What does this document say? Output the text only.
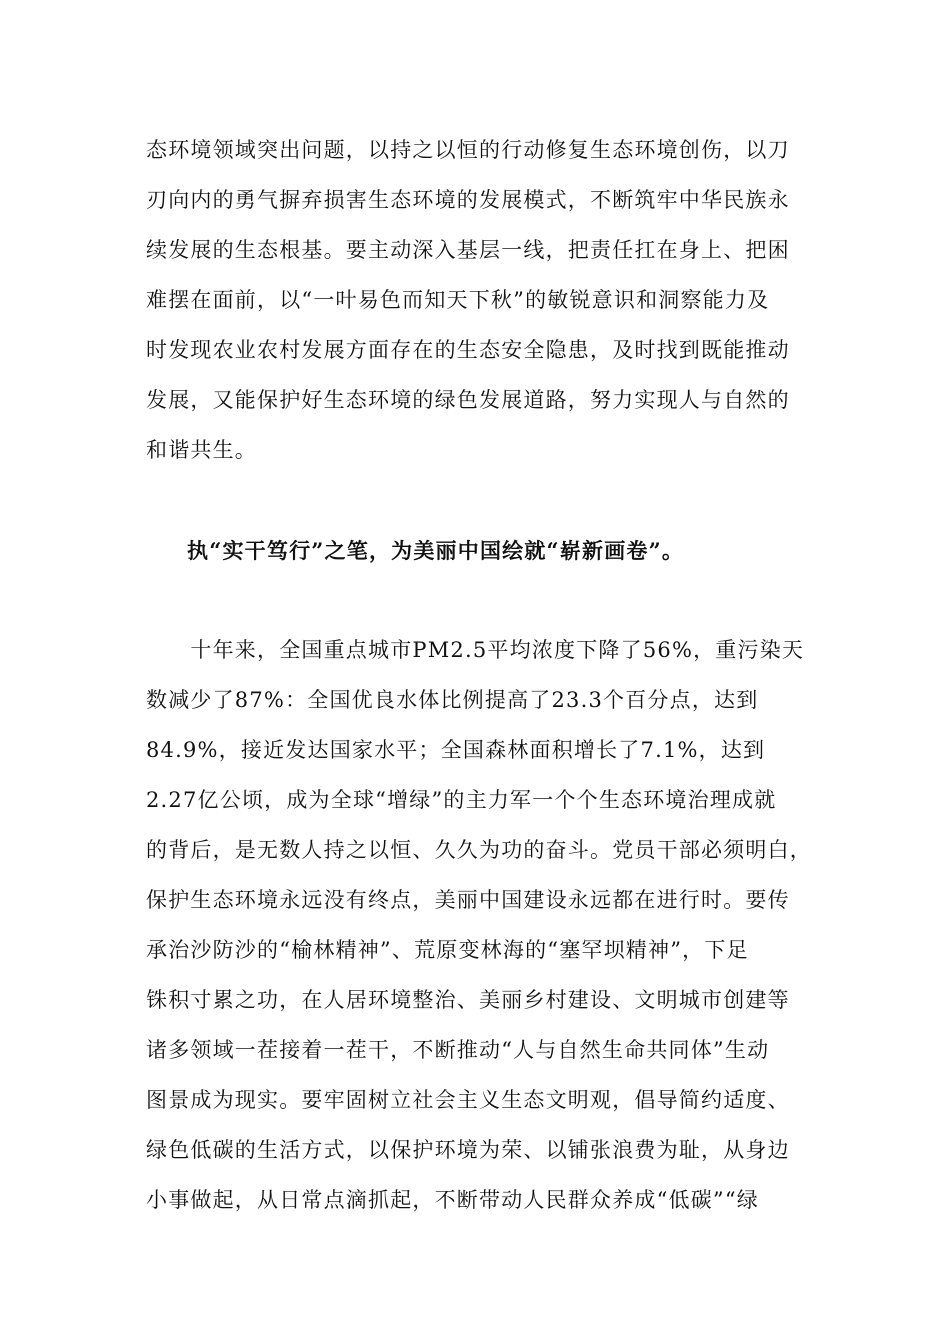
态环境领域突出问题，以持之以恒的行动修复生态环境创伤，以刀
刃向内的勇气摒弃损害生态环境的发展模式，不断筑牢中华民族永
续发展的生态根基。要主动深入基层一线，把责任扛在身上、把困
难摆在面前，以“一叶易色而知天下秋”的敏锐意识和洞察能力及
时发现农业农村发展方面存在的生态安全隐患，及时找到既能推动
发展，又能保护好生态环境的绿色发展道路，努力实现人与自然的
和谐共生。
执“实干笃行”之笔，为美丽中国绘就“崭新画卷”。
　　十年来，全国重点城市PM2.5平均浓度下降了56%，重污染天
数减少了87%：全国优良水体比例提高了23.3个百分点，达到
84.9%，接近发达国家水平；全国森林面积增长了7.1%，达到
2.27亿公顷，成为全球“增绿”的主力军一个个生态环境治理成就
的背后，是无数人持之以恒、久久为功的奋斗。党员干部必须明白，
保护生态环境永远没有终点，美丽中国建设永远都在进行时。要传
承治沙防沙的“榆林精神”、荒原变林海的“塞罕坝精神”，下足
铢积寸累之功，在人居环境整治、美丽乡村建设、文明城市创建等
诸多领域一茬接着一茬干，不断推动“人与自然生命共同体”生动
图景成为现实。要牢固树立社会主义生态文明观，倡导简约适度、
绿色低碳的生活方式，以保护环境为荣、以铺张浪费为耻，从身边
小事做起，从日常点滴抓起，不断带动人民群众养成“低碳”“绿
